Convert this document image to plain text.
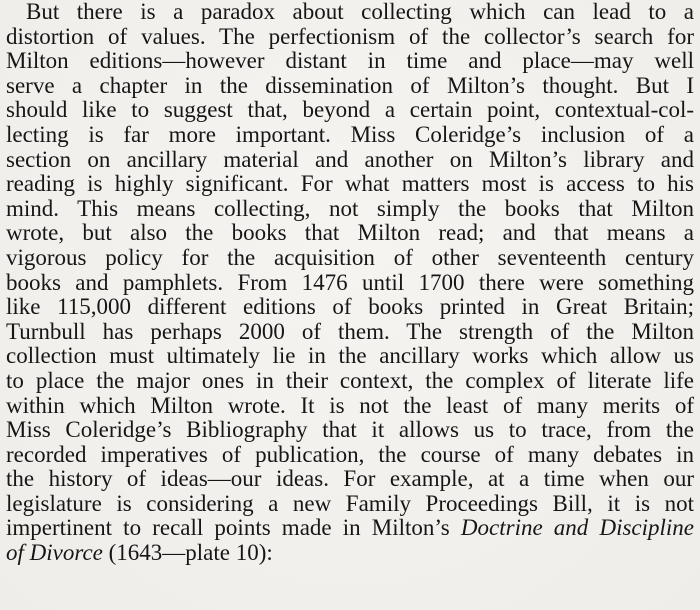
But there is a paradox about collecting which can lead to a
distortion of values. The perfectionism of the collector’s search for
Milton editions—however distant in time and place—may well
serve a chapter in the dissemination of Milton’s thought. But I
should like to suggest that, beyond a certain point, contextual-col-
lecting is far more important. Miss Coleridge’s inclusion of a
section on ancillary material and another on Milton’s library and
reading is highly significant. For what matters most is access to his
mind. This means collecting, not simply the books that Milton
wrote, but also the books that Milton read; and that means a
vigorous policy for the acquisition of other seventeenth century
books and pamphlets. From 1476 until 1700 there were something
like 115,000 different editions of books printed in Great Britain;
Turnbull has perhaps 2000 of them. The strength of the Milton
collection must ultimately lie in the ancillary works which allow us
to place the major ones in their context, the complex of literate life
within which Milton wrote. It is not the least of many merits of
Miss Coleridge’s Bibliography that it allows us to trace, from the
recorded imperatives of publication, the course of many debates in
the history of ideas—our ideas. For example, at a time when our
legislature is considering a new Family Proceedings Bill, it is not
impertinent to recall points made in Milton’s Doctrine and Discipline
of Divorce (1643—plate 10):
